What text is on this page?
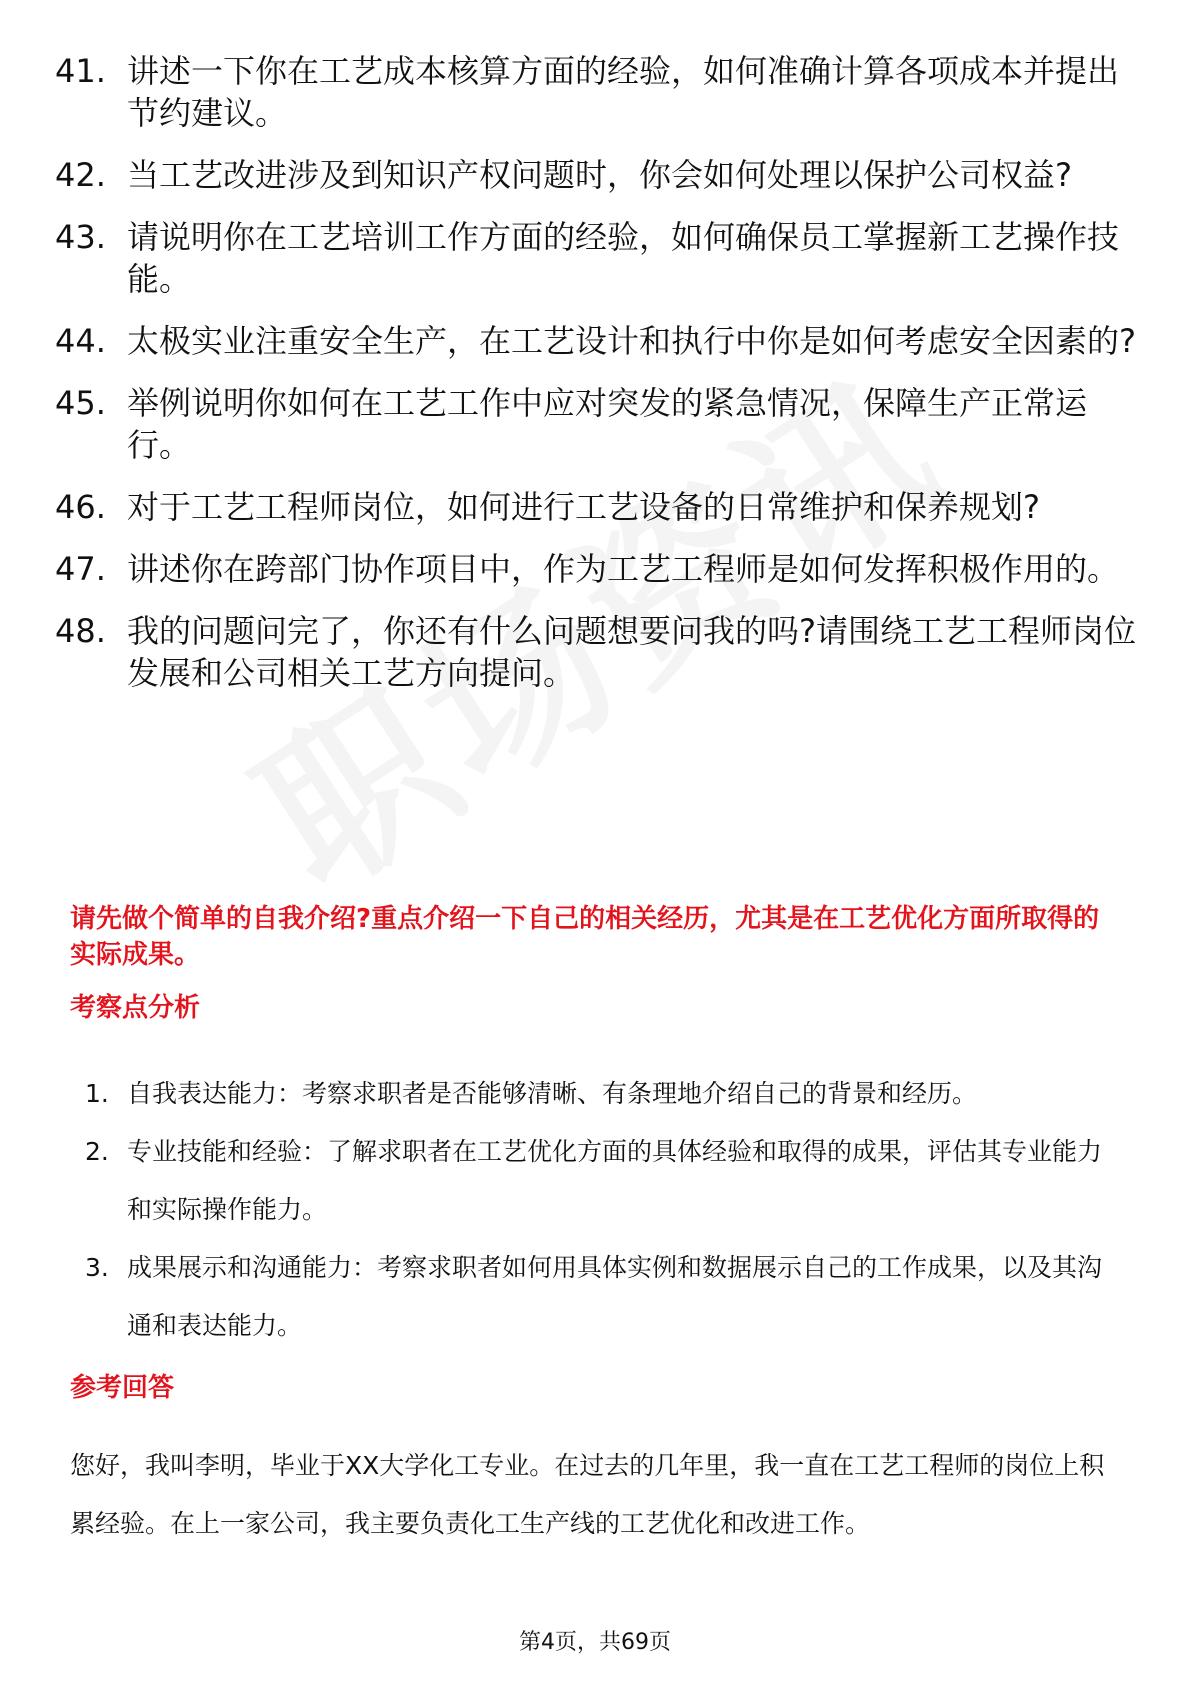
41. 讲述一下你在工艺成本核算方面的经验，如何准确计算各项成本并提出节约建议。
42. 当工艺改进涉及到知识产权问题时，你会如何处理以保护公司权益?
43. 请说明你在工艺培训工作方面的经验，如何确保员工掌握新工艺操作技能。
44. 太极实业注重安全生产，在工艺设计和执行中你是如何考虑安全因素的?
45. 举例说明你如何在工艺工作中应对突发的紧急情况，保障生产正常运行。
46. 对于工艺工程师岗位，如何进行工艺设备的日常维护和保养规划?
47. 讲述你在跨部门协作项目中，作为工艺工程师是如何发挥积极作用的。
48. 我的问题问完了，你还有什么问题想要问我的吗?请围绕工艺工程师岗位发展和公司相关工艺方向提问。
请先做个简单的自我介绍?重点介绍一下自己的相关经历，尤其是在工艺优化方面所取得的实际成果。
考察点分析
1. 自我表达能力：考察求职者是否能够清晰、有条理地介绍自己的背景和经历。
2. 专业技能和经验：了解求职者在工艺优化方面的具体经验和取得的成果，评估其专业能力和实际操作能力。
3. 成果展示和沟通能力：考察求职者如何用具体实例和数据展示自己的工作成果，以及其沟通和表达能力。
参考回答
您好，我叫李明，毕业于XX大学化工专业。在过去的几年里，我一直在工艺工程师的岗位上积累经验。在上一家公司，我主要负责化工生产线的工艺优化和改进工作。
第4页，共69页
